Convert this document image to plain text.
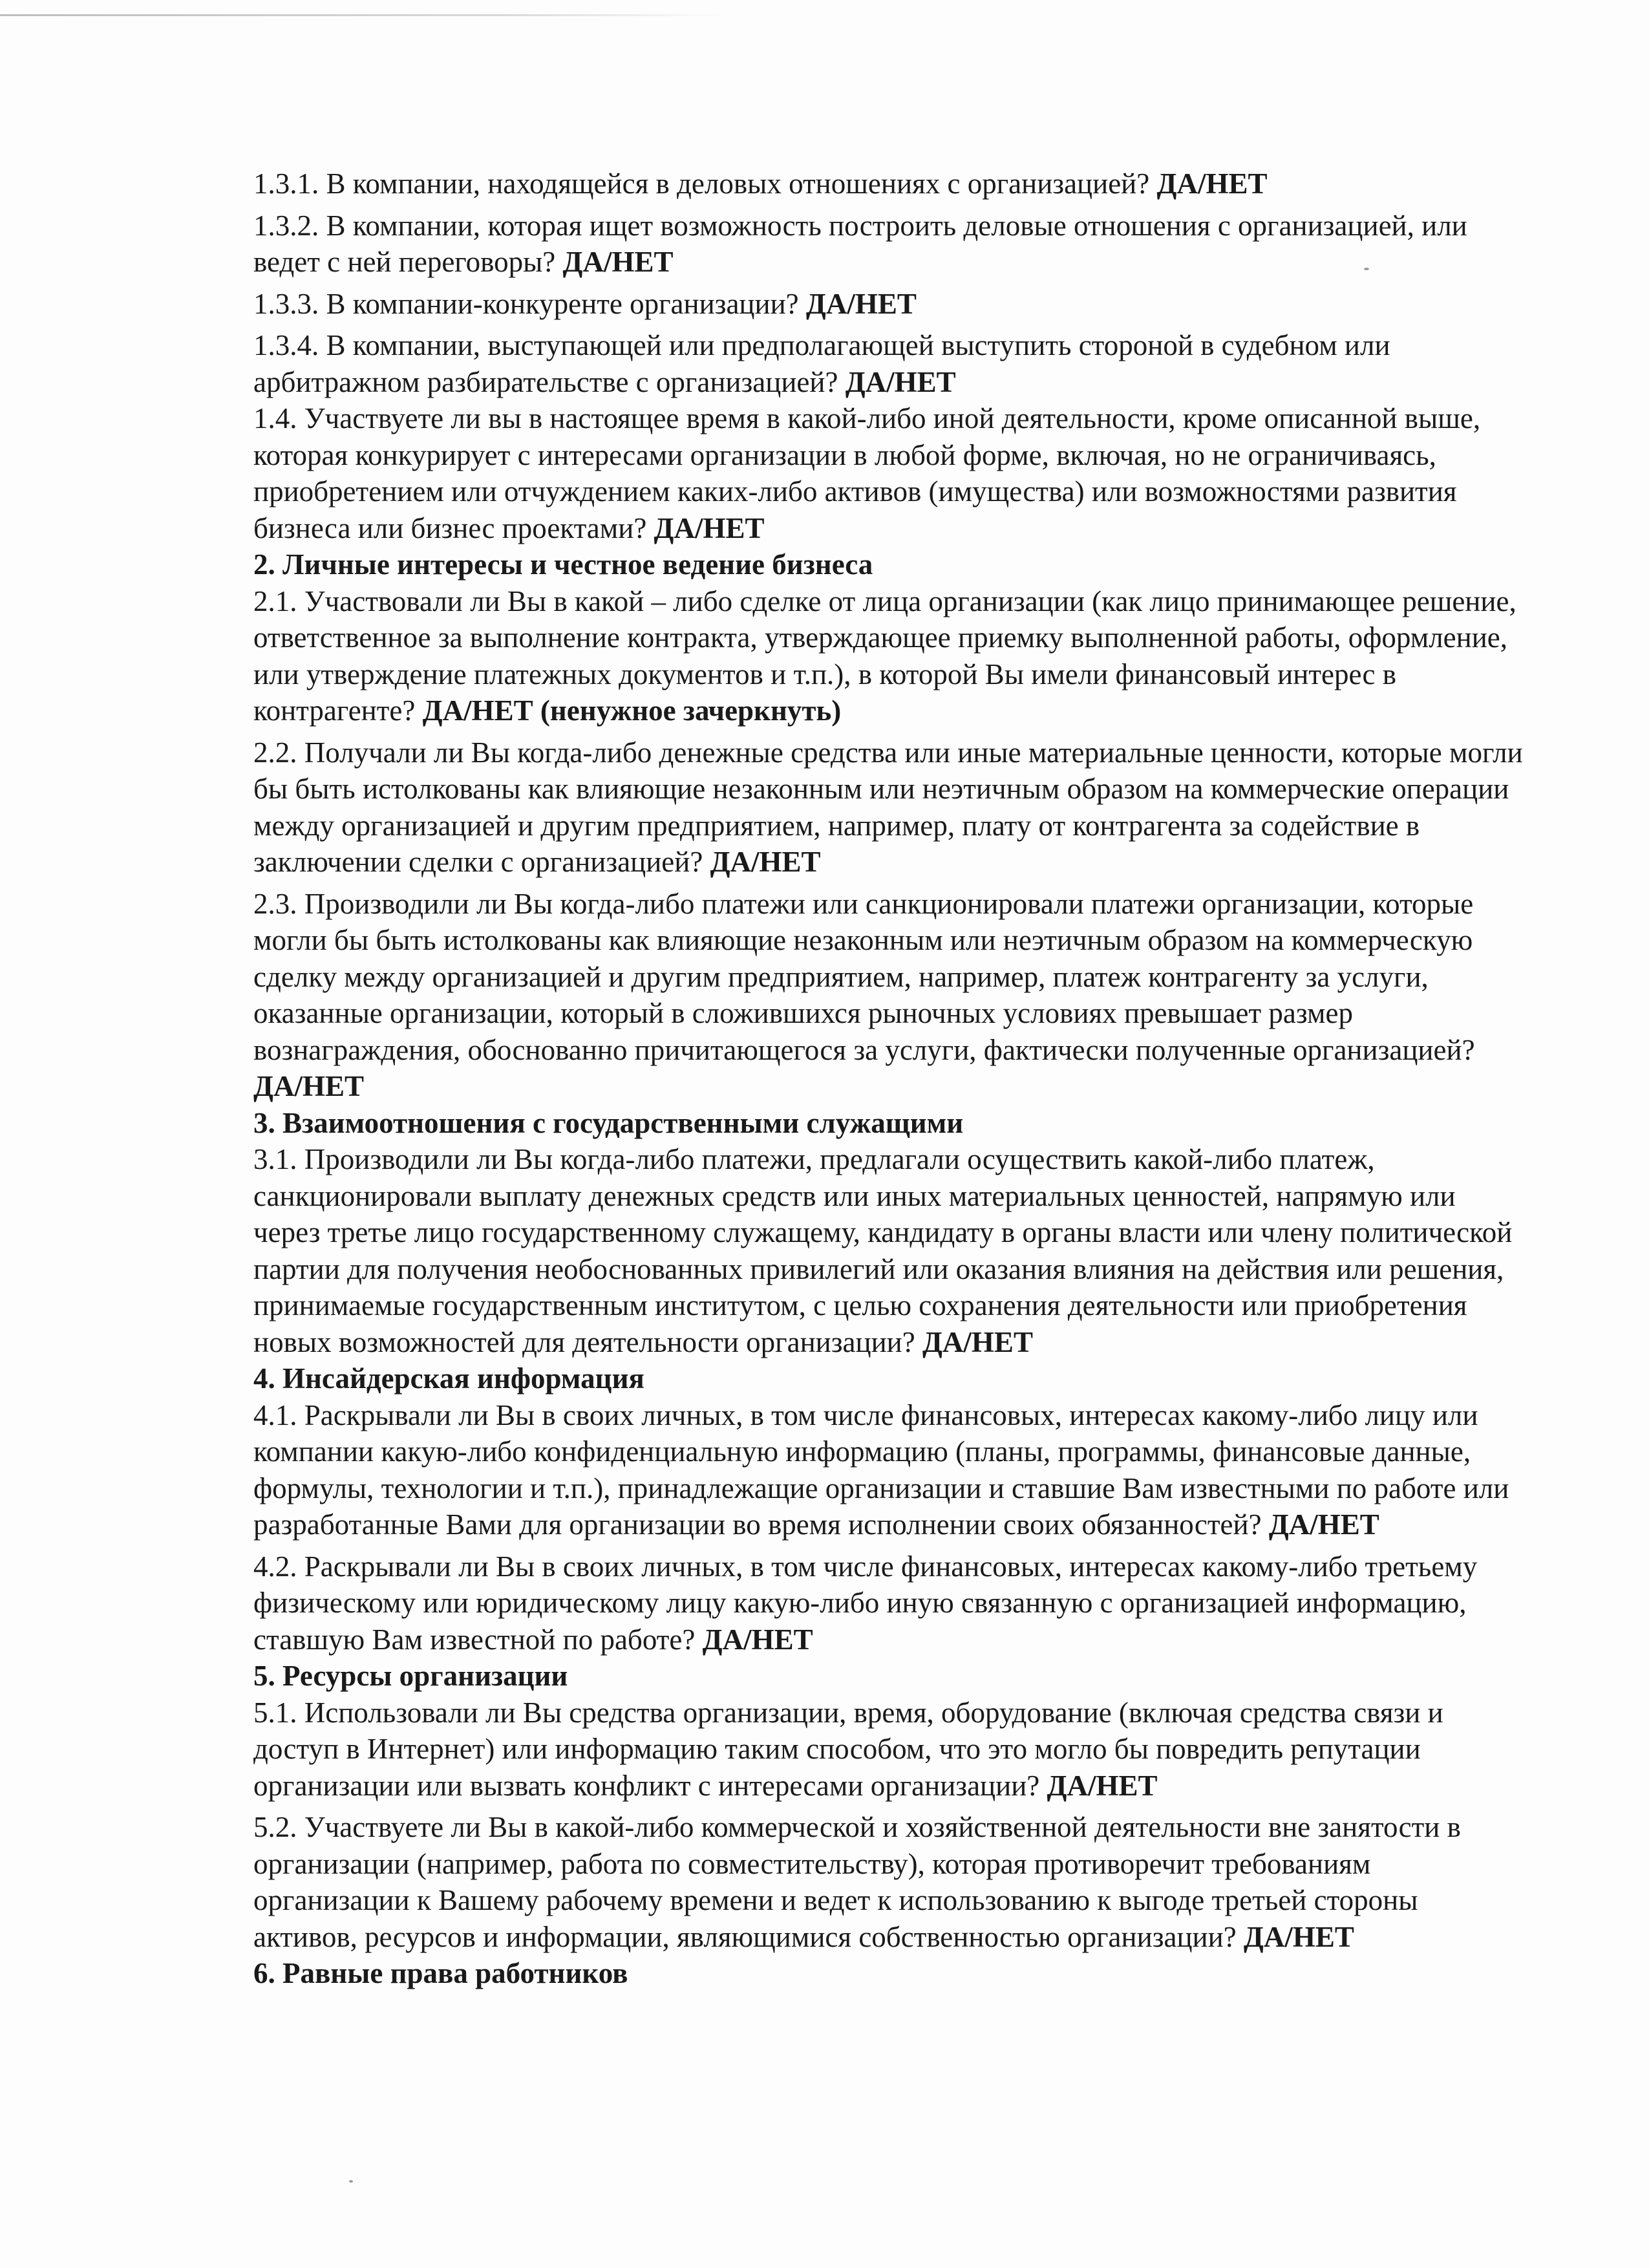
1.3.1. В компании, находящейся в деловых отношениях с организацией? ДА/НЕТ

1.3.2. В компании, которая ищет возможность построить деловые отношения с организацией, или ведет с ней переговоры? ДА/НЕТ

1.3.3. В компании-конкуренте организации? ДА/НЕТ

1.3.4. В компании, выступающей или предполагающей выступить стороной в судебном или арбитражном разбирательстве с организацией? ДА/НЕТ

1.4. Участвуете ли вы в настоящее время в какой-либо иной деятельности, кроме описанной выше, которая конкурирует с интересами организации в любой форме, включая, но не ограничиваясь, приобретением или отчуждением каких-либо активов (имущества) или возможностями развития бизнеса или бизнес проектами? ДА/НЕТ

2. Личные интересы и честное ведение бизнеса

2.1. Участвовали ли Вы в какой – либо сделке от лица организации (как лицо принимающее решение, ответственное за выполнение контракта, утверждающее приемку выполненной работы, оформление, или утверждение платежных документов и т.п.), в которой Вы имели финансовый интерес в контрагенте? ДА/НЕТ (ненужное зачеркнуть)

2.2. Получали ли Вы когда-либо денежные средства или иные материальные ценности, которые могли бы быть истолкованы как влияющие незаконным или неэтичным образом на коммерческие операции между организацией и другим предприятием, например, плату от контрагента за содействие в заключении сделки с организацией? ДА/НЕТ

2.3. Производили ли Вы когда-либо платежи или санкционировали платежи организации, которые могли бы быть истолкованы как влияющие незаконным или неэтичным образом на коммерческую сделку между организацией и другим предприятием, например, платеж контрагенту за услуги, оказанные организации, который в сложившихся рыночных условиях превышает размер вознаграждения, обоснованно причитающегося за услуги, фактически полученные организацией? ДА/НЕТ

3. Взаимоотношения с государственными служащими

3.1. Производили ли Вы когда-либо платежи, предлагали осуществить какой-либо платеж, санкционировали выплату денежных средств или иных материальных ценностей, напрямую или через третье лицо государственному служащему, кандидату в органы власти или члену политической партии для получения необоснованных привилегий или оказания влияния на действия или решения, принимаемые государственным институтом, с целью сохранения деятельности или приобретения новых возможностей для деятельности организации? ДА/НЕТ

4. Инсайдерская информация

4.1. Раскрывали ли Вы в своих личных, в том числе финансовых, интересах какому-либо лицу или компании какую-либо конфиденциальную информацию (планы, программы, финансовые данные, формулы, технологии и т.п.), принадлежащие организации и ставшие Вам известными по работе или разработанные Вами для организации во время исполнении своих обязанностей? ДА/НЕТ

4.2. Раскрывали ли Вы в своих личных, в том числе финансовых, интересах какому-либо третьему физическому или юридическому лицу какую-либо иную связанную с организацией информацию, ставшую Вам известной по работе? ДА/НЕТ

5. Ресурсы организации

5.1. Использовали ли Вы средства организации, время, оборудование (включая средства связи и доступ в Интернет) или информацию таким способом, что это могло бы повредить репутации организации или вызвать конфликт с интересами организации? ДА/НЕТ

5.2. Участвуете ли Вы в какой-либо коммерческой и хозяйственной деятельности вне занятости в организации (например, работа по совместительству), которая противоречит требованиям организации к Вашему рабочему времени и ведет к использованию к выгоде третьей стороны активов, ресурсов и информации, являющимися собственностью организации? ДА/НЕТ

6. Равные права работников
